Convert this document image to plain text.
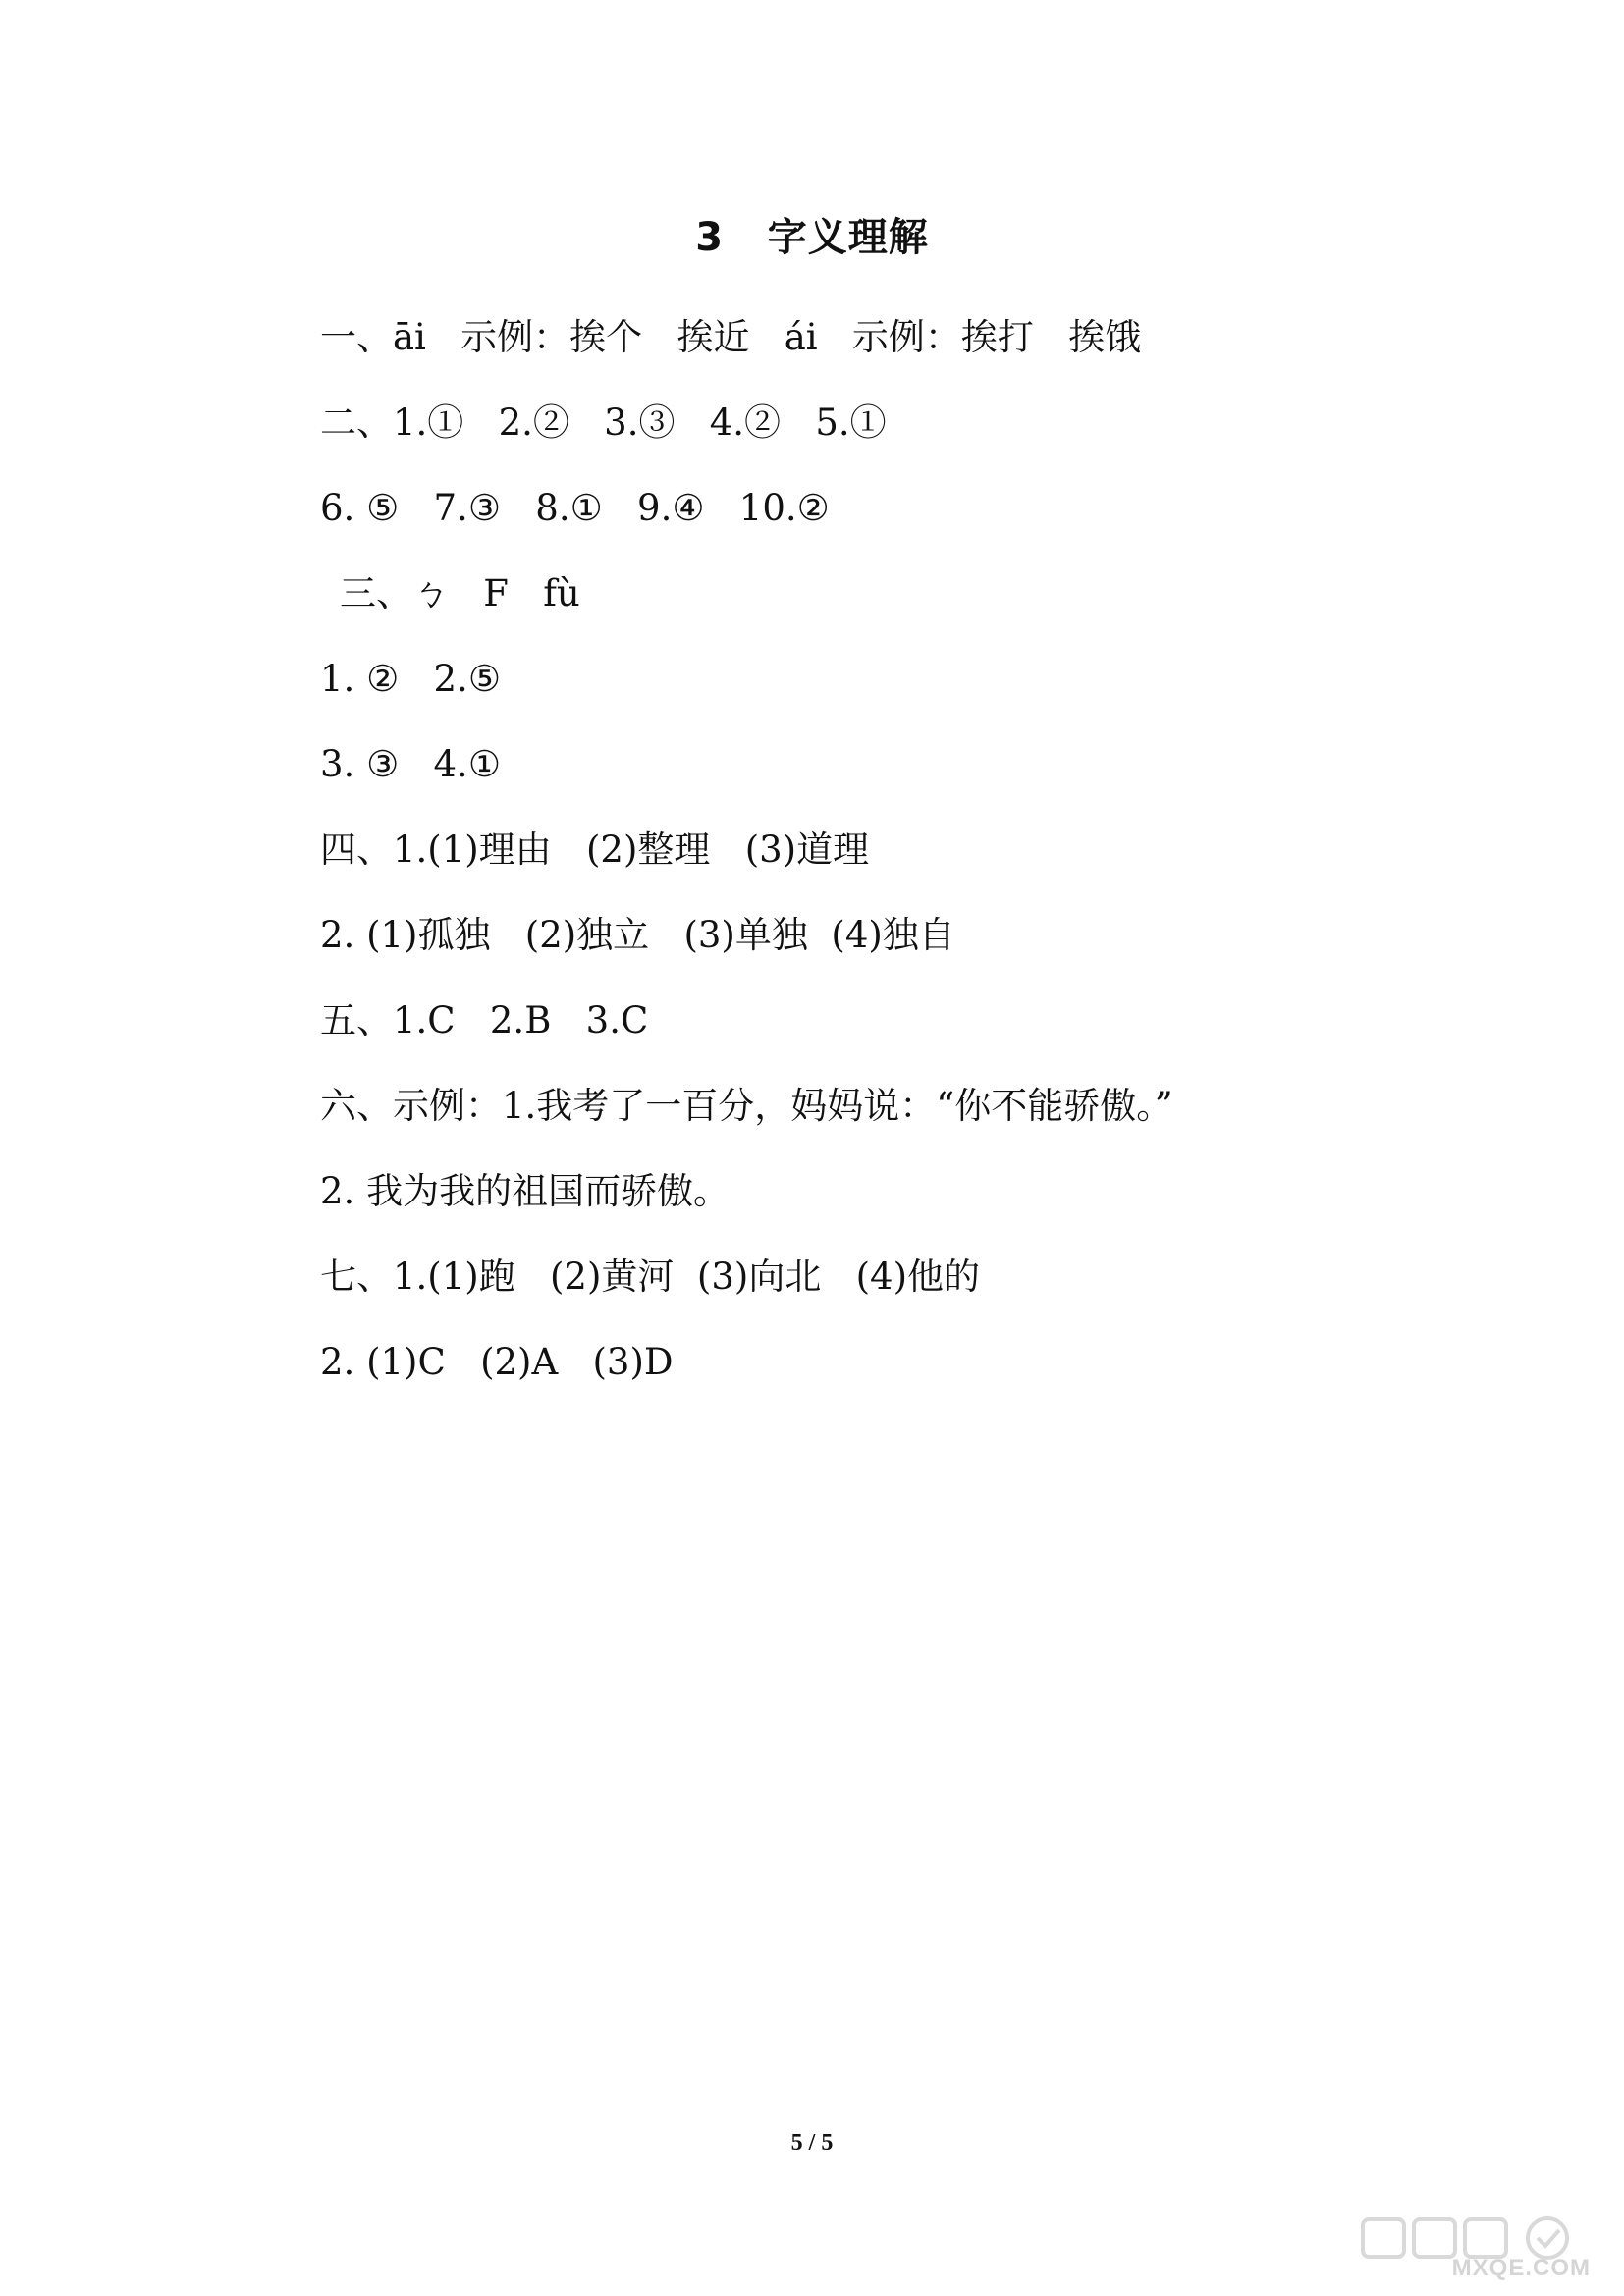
3   字义理解
一、āi   示例：挨个   挨近   ái   示例：挨打   挨饿
二、1.①   2.②   3.③   4.②   5.①
6. ⑤   7.③   8.①   9.④   10.②
三、ㄅ   F   fù
1. ②   2.⑤
3. ③   4.①
四、1.(1)理由   (2)整理   (3)道理
2. (1)孤独   (2)独立   (3)单独  (4)独自
五、1.C   2.B   3.C
六、示例：1.我考了一百分，妈妈说：“你不能骄傲。”
2. 我为我的祖国而骄傲。
七、1.(1)跑   (2)黄河  (3)向北   (4)他的
2. (1)C   (2)A   (3)D
5 / 5
MXQE.COM
